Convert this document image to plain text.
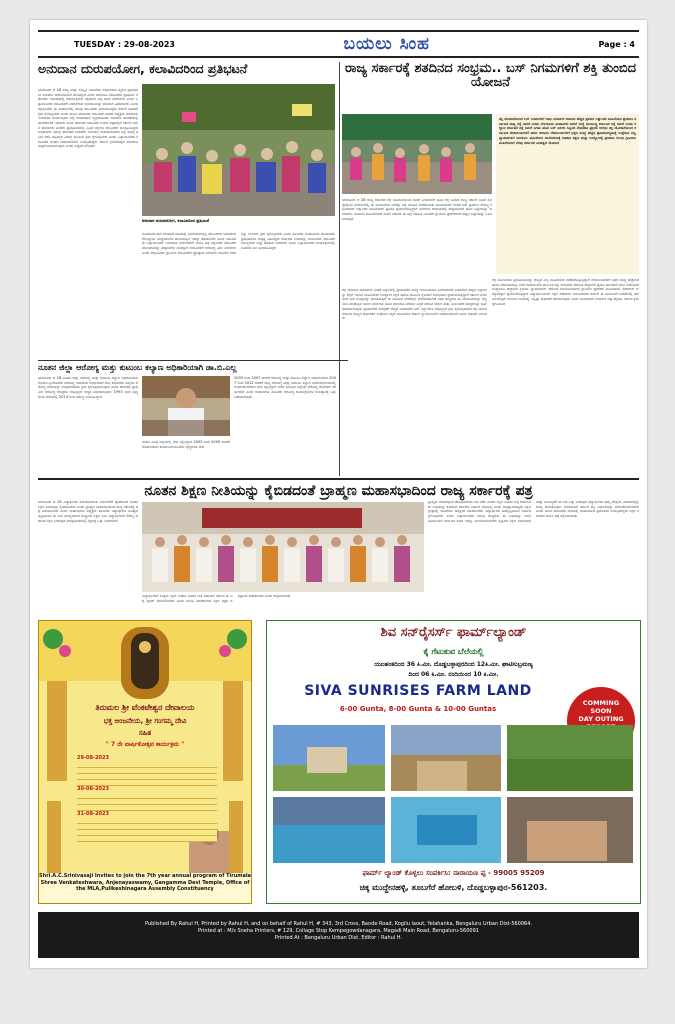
TUESDAY : 29-08-2023	ಬಯಲು ಸಿಂಹ	Page : 4
ಅನುದಾನ ದುರುಪಯೋಗ, ಕಲಾವಿದರಿಂದ ಪ್ರತಿಭಟನೆ
ಬೆಂಗಳೂರು ಆ 28 ರಾಜ್ಯ ಮತ್ತು ಸಂಸ್ಕೃತಿ ಇಲಾಖೆಯ ಅಧಿಕಾರಿಗಳು ಸ್ಮಶಾನ ಪ್ರತಿನಿಧಿಗಳು ಅನುದಾನ ದುರುಪಯೋಗ ಮಾಡಿದ್ದಾರೆ ಎಂದು ಆರೋಪಿಸಿ ಕಲಾವಿದರು ಪ್ರತಿಭಟನೆ ನಡೆಸಿದರು ಇಲಾಖೆಯಲ್ಲಿ ನಡೆಯುತ್ತಿರುವ ಅಕ್ರಮಗಳ ಬಗ್ಗೆ ತನಿಖೆ ನಡೆಸಬೇಕು ಎಂದು ಒತ್ತಾಯಿಸಿದರು ಕಲಾವಿದರಿಗೆ ನೀಡಬೇಕಾದ ಅನುದಾನವನ್ನು ಸರಿಯಾಗಿ ವಿತರಿಸಬೇಕು ಎಂದು ಆಗ್ರಹಿಸಿದರು ಈ ಸಂದರ್ಭದಲ್ಲಿ ಹಲವು ಕಲಾವಿದರು ಭಾಗವಹಿಸಿದ್ದರು ಸರ್ಕಾರ ಕೂಡಲೇ ಕ್ರಮ ಕೈಗೊಳ್ಳಬೇಕು ಎಂದು ಮನವಿ ಮಾಡಿದರು ಕಲಾವಿದರ ಸಂಘದ ಅಧ್ಯಕ್ಷರು ಮಾತನಾಡಿ ಇಲಾಖೆಯ ಕಾರ್ಯವೈಖರಿ ಬಗ್ಗೆ ಅಸಮಾಧಾನ ವ್ಯಕ್ತಪಡಿಸಿದರು ಅನುದಾನ ಹಂಚಿಕೆಯಲ್ಲಿ ಪಾರದರ್ಶಕತೆ ಇರಬೇಕು ಎಂದು ಹೇಳಿದರು ಕಲಾವಿದರ ಬದುಕು ಕಷ್ಟದಲ್ಲಿದೆ ಸರ್ಕಾರ ಗಮನ ಹರಿಸಬೇಕು ಎಂದರು ಪ್ರತಿಭಟನೆಯಲ್ಲಿ ವಿವಿಧ ಜಿಲ್ಲೆಗಳ ಕಲಾವಿದರು ಪಾಲ್ಗೊಂಡಿದ್ದರು ಅಧಿಕಾರಿಗಳ ವಿರುದ್ಧ ಘೋಷಣೆ ಕೂಗಿದರು ಅನುದಾನ ದುರುಪಯೋಗದ ಬಗ್ಗೆ ಸಮಗ್ರ ತನಿಖೆ ನಡೆಸಿ ತಪ್ಪಿತಸ್ಥರ ವಿರುದ್ಧ ಕಾನೂನು ಕ್ರಮ ಕೈಗೊಳ್ಳಬೇಕು ಎಂದು ಒತ್ತಾಯಿಸಿದರು ಕಲಾವಿದರ ಸಂಘದ ಪದಾಧಿಕಾರಿಗಳು ಉಪಸ್ಥಿತರಿದ್ದರು ಸರ್ಕಾರ ಸ್ಪಂದಿಸದಿದ್ದರೆ ಹೋರಾಟ ತೀವ್ರಗೊಳಿಸಲಾಗುವುದು ಎಂದು ಎಚ್ಚರಿಕೆ ನೀಡಿದರು
ಅನುದಾನ ದುರುಪಯೋಗ, ಕಲಾವಿದರಿಂದ ಪ್ರತಿಭಟನೆ
ಅನುದಾನದ ಹಣ ಸರಿಯಾದ ರೀತಿಯಲ್ಲಿ ಬಳಕೆಯಾಗುತ್ತಿಲ್ಲ ಕಲಾವಿದರಿಗೆ ಸಿಗಬೇಕಾದ ಸೌಲಭ್ಯಗಳು ಮಧ್ಯವರ್ತಿಗಳ ಪಾಲಾಗುತ್ತಿವೆ ಇದನ್ನು ತಡೆಯಬೇಕು ಎಂದು ಕಲಾವಿದರು ಒತ್ತಾಯಿಸಿದರು ಇಲಾಖೆಯ ನಿರ್ದೇಶಕರಿಗೆ ಮನವಿ ಪತ್ರ ಸಲ್ಲಿಸಿದರು ಕಲಾವಿದರ ಮಾಸಾಶನವನ್ನು ಹೆಚ್ಚಿಸಬೇಕು ವಯಸ್ಸಾದ ಕಲಾವಿದರಿಗೆ ಆರೋಗ್ಯ ವಿಮೆ ನೀಡಬೇಕು ಎಂದು ಆಗ್ರಹಿಸಿದರು ಗ್ರಾಮೀಣ ಕಲಾವಿದರಿಗೆ ಪ್ರೋತ್ಸಾಹ ನೀಡಬೇಕು ಜಾನಪದ ಕಲೆಗಳನ್ನು ಉಳಿಸಲು ಕ್ರಮ ಕೈಗೊಳ್ಳಬೇಕು ಎಂದು ತಿಳಿಸಿದರು ಸಂಘಟನೆಯ ಮುಖಂಡರು ಪ್ರತಿಭಟನೆಯ ನೇತೃತ್ವ ವಹಿಸಿದ್ದರು ಸರ್ಕಾರದ ನೀತಿಗಳನ್ನು ಖಂಡಿಸಿದರು ಕಲಾವಿದರ ಸಮಸ್ಯೆಗಳಿಗೆ ಶೀಘ್ರ ಪರಿಹಾರ ನೀಡಬೇಕು ಎಂದು ಒತ್ತಾಯಿಸಿದರು ಕಾರ್ಯಕ್ರಮದಲ್ಲಿ ನೂರಾರು ಜನ ಭಾಗವಹಿಸಿದ್ದರು
ರಾಜ್ಯ ಸರ್ಕಾರಕ್ಕೆ ಶತದಿನದ ಸಂಭ್ರಮ.. ಬಸ್ ನಿಗಮಗಳಿಗೆ ಶಕ್ತಿ ತುಂಬಿದ ಯೋಜನೆ
ಬೆಂಗಳೂರು ಆ 28 ರಾಜ್ಯ ಸರ್ಕಾರದ ಶಕ್ತಿ ಯೋಜನೆಯಿಂದ ಸಾರಿಗೆ ನಿಗಮಗಳಿಗೆ ಹೊಸ ಶಕ್ತಿ ಬಂದಿದೆ ರಾಜ್ಯ ಸರ್ಕಾರ ನೂರು ದಿನ ಪೂರೈಸಿದ ಸಂದರ್ಭದಲ್ಲಿ ಈ ಯೋಜನೆಯ ಯಶಸ್ಸು ಬಗ್ಗೆ ಮಾಹಿತಿ ನೀಡಲಾಯಿತು ಮಹಿಳೆಯರಿಗೆ ಉಚಿತ ಬಸ್ ಪ್ರಯಾಣ ಸೌಲಭ್ಯ ಕಲ್ಪಿಸಲಾಗಿದೆ ಲಕ್ಷಾಂತರ ಮಹಿಳೆಯರು ಪ್ರತಿದಿನ ಪ್ರಯಾಣಿಸುತ್ತಿದ್ದಾರೆ ನಿಗಮಗಳ ಆದಾಯದಲ್ಲಿ ಹೆಚ್ಚಳವಾಗಿದೆ ಹೊಸ ಬಸ್ಸುಗಳನ್ನು ಖರೀದಿಸಲು ಯೋಜನೆ ರೂಪಿಸಲಾಗಿದೆ ಸಾರಿಗೆ ಸಚಿವರು ಈ ಬಗ್ಗೆ ಮಾಹಿತಿ ನೀಡಿದರು ಗ್ರಾಮೀಣ ಪ್ರದೇಶಗಳಿಗೆ ಹೆಚ್ಚಿನ ಬಸ್ಸುಗಳನ್ನು ಓಡಿಸಲಾಗುತ್ತಿದೆ
ಶಕ್ತಿ ಯೋಜನೆಯಿಂದ ಬಸ್ ನಿಗಮಗಳಿಗೆ ಲಾಭ ನಿಗಮಗಳ ಆದಾಯ ಹೆಚ್ಚಳ ಪ್ರತಿದಿನ ಲಕ್ಷಾಂತರ ಮಹಿಳೆಯರ ಪ್ರಯಾಣ ಕರ್ನಾಟಕ ರಾಜ್ಯ ರಸ್ತೆ ಸಾರಿಗೆ ನಿಗಮ ಬೆಂಗಳೂರು ಮಹಾನಗರ ಸಾರಿಗೆ ಸಂಸ್ಥೆ ವಾಯುವ್ಯ ಕರ್ನಾಟಕ ರಸ್ತೆ ಸಾರಿಗೆ ನಿಗಮ ಕಲ್ಯಾಣ ಕರ್ನಾಟಕ ರಸ್ತೆ ಸಾರಿಗೆ ನಿಗಮ ಹೊಸ ಬಸ್ ಖರೀದಿ ಸಿಬ್ಬಂದಿ ನೇಮಕಾತಿ ಪ್ರಕ್ರಿಯೆ ಆರಂಭ ಶಕ್ತಿ ಯೋಜನೆಯಿಂದ ಕರ್ನಾಟಕ ದೇವಾಲಯಗಳಿಗೆ ಹರಿದ ಆದಾಯ ದೇವಾಲಯಗಳಿಗೆ ಭಕ್ತರ ಸಂಖ್ಯೆ ಹೆಚ್ಚಳ ಪ್ರವಾಸೋದ್ಯಮಕ್ಕೆ ಉತ್ತೇಜನ ಸಣ್ಣ ವ್ಯಾಪಾರಿಗಳಿಗೆ ಅನುಕೂಲ ಮಹಿಳೆಯರ ಸಬಲೀಕರಣಕ್ಕೆ ಸಹಕಾರಿ ಶಿಕ್ಷಣ ಮತ್ತು ಉದ್ಯೋಗಕ್ಕೆ ಪ್ರಯಾಣ ಸುಲಭ ಗ್ರಾಮೀಣ ಮಹಿಳೆಯರಿಗೆ ನೆರವು ಸರ್ಕಾರದ ಮಹತ್ವದ ಯೋಜನೆ
ಶಕ್ತಿ ಯೋಜನೆ ಜಾರಿಯಾದ ನಂತರ ಬಸ್ಸುಗಳಲ್ಲಿ ಪ್ರಯಾಣಿಕರ ಸಂಖ್ಯೆ ಗಣನೀಯವಾಗಿ ಏರಿಕೆಯಾಗಿದೆ ನಿಗಮಗಳು ಹೆಚ್ಚಿನ ಬಸ್ಸುಗಳನ್ನು ರಸ್ತೆಗೆ ಇಳಿಸಿವೆ ಮಹಿಳೆಯರು ಉದ್ಯೋಗ ಶಿಕ್ಷಣ ಹಾಗೂ ಧಾರ್ಮಿಕ ಸ್ಥಳಗಳಿಗೆ ಸುಲಭವಾಗಿ ಪ್ರಯಾಣಿಸುತ್ತಿದ್ದಾರೆ ಸರ್ಕಾರ ನಿಗಮಗಳಿಗೆ ಬಾಕಿ ಮೊತ್ತವನ್ನು ಪಾವತಿಸುತ್ತಿದೆ ಈ ಯೋಜನೆ ದೇಶದಲ್ಲೇ ಮಾದರಿಯಾಗಿದೆ ಇತರ ರಾಜ್ಯಗಳು ಈ ಯೋಜನೆಯನ್ನು ಅಧ್ಯಯನ ಮಾಡುತ್ತಿವೆ ಸಾರಿಗೆ ನಿಗಮಗಳು ಹೊಸ ನೇಮಕಾತಿ ನಡೆಸಲು ಸಿದ್ಧತೆ ನಡೆಸಿವೆ ಚಾಲಕ ಮತ್ತು ನಿರ್ವಾಹಕರ ಹುದ್ದೆಗಳನ್ನು ಭರ್ತಿ ಮಾಡಲಾಗುವುದು ಪ್ರಯಾಣಿಕರ ಸುರಕ್ಷತೆಗೆ ಆದ್ಯತೆ ನೀಡಲಾಗಿದೆ ಬಸ್ ನಿಲ್ದಾಣಗಳ ಅಭಿವೃದ್ಧಿಗೆ ಕ್ರಮ ಕೈಗೊಳ್ಳಲಾಗಿದೆ ಶಕ್ತಿ ಯೋಜನೆಯಿಂದ ರಾಜ್ಯದ ಆರ್ಥಿಕತೆಗೆ ಉತ್ತೇಜನ ಸಿಕ್ಕಿದೆ ಮಹಿಳೆಯರ ಆರ್ಥಿಕ ಸ್ವಾವಲಂಬನೆಗೆ ಸಹಕಾರಿಯಾಗಿದೆ ಎಂದು ಸಚಿವರು ತಿಳಿಸಿದರು
ಶಕ್ತಿ ಯೋಜನೆಯ ಪ್ರಯೋಜನವನ್ನು ರಾಜ್ಯದ ಎಲ್ಲ ಮಹಿಳೆಯರು ಪಡೆದುಕೊಳ್ಳುತ್ತಿದ್ದಾರೆ ದೇವಾಲಯಗಳಿಗೆ ಭಕ್ತರ ಸಂಖ್ಯೆ ಹೆಚ್ಚಾಗಿದೆ ಹುಂಡಿ ಆದಾಯದಲ್ಲೂ ಏರಿಕೆ ಕಂಡುಬಂದಿದೆ ಧಾರ್ಮಿಕ ದತ್ತಿ ಇಲಾಖೆಯ ಆದಾಯ ಹೆಚ್ಚಾಗಿದೆ ಪ್ರವಾಸಿ ತಾಣಗಳಿಗೆ ಭೇಟಿ ನೀಡುವವರ ಸಂಖ್ಯೆಯೂ ಹೆಚ್ಚಾಗಿದೆ ಸ್ಥಳೀಯ ವ್ಯಾಪಾರಿಗಳಿಗೆ ಇದರಿಂದ ಅನುಕೂಲವಾಗಿದೆ ಗ್ರಾಮೀಣ ಪ್ರದೇಶದ ಮಹಿಳೆಯರು ನಗರಗಳಿಗೆ ಉದ್ಯೋಗಕ್ಕಾಗಿ ಪ್ರಯಾಣಿಸುತ್ತಿದ್ದಾರೆ ವಿದ್ಯಾರ್ಥಿನಿಯರಿಗೆ ಶಿಕ್ಷಣ ಪಡೆಯಲು ಸುಲಭವಾಗಿದೆ ಸರ್ಕಾರ ಈ ಯೋಜನೆಗೆ ಬಜೆಟ್‌ನಲ್ಲಿ ಹಣ ಮೀಸಲಿಟ್ಟಿದೆ ಮುಂದಿನ ದಿನಗಳಲ್ಲಿ ಇನ್ನಷ್ಟು ಸುಧಾರಣೆ ತರಲಾಗುವುದು ಎಂದು ತಿಳಿಸಲಾಗಿದೆ ನಿಗಮಗಳ ನಷ್ಟ ತಗ್ಗಿಸಲು ಸರ್ಕಾರ ಕ್ರಮ ಕೈಗೊಂಡಿದೆ
ನೂತನ ಜಿಲ್ಲಾ ಆರೋಗ್ಯ ಮತ್ತು ಕುಟುಂಬ ಕಲ್ಯಾಣ ಅಧಿಕಾರಿಯಾಗಿ ಡಾ.ಬಿ.ಎಲ್ಲ
ಬೆಂಗಳೂರು ಆ 28 ನೂತನ ಜಿಲ್ಲಾ ಆರೋಗ್ಯ ಮತ್ತು ಕುಟುಂಬ ಕಲ್ಯಾಣ ಅಧಿಕಾರಿಯಾಗಿ ಅಧಿಕಾರ ಸ್ವೀಕರಿಸಿದರು ಆರೋಗ್ಯ ಇಲಾಖೆಯ ಅಧಿಕಾರಿಗಳು ಶುಭ ಕೋರಿದರು ಜಿಲ್ಲೆಯ ಆರೋಗ್ಯ ಸೇವೆಗಳನ್ನು ಉತ್ತಮಪಡಿಸಲು ಕ್ರಮ ಕೈಗೊಳ್ಳಲಾಗುವುದು ಎಂದು ಹೇಳಿದರು ಪ್ರಾಥಮಿಕ ಆರೋಗ್ಯ ಕೇಂದ್ರಗಳ ಅಭಿವೃದ್ಧಿಗೆ ಆದ್ಯತೆ ನೀಡಲಾಗುವುದು 1993 ರಿಂದ ವೈದ್ಯಕೀಯ ಸೇವೆಯಲ್ಲಿ 2013 ರಿಂದ ಕರ್ತವ್ಯ ನಿರ್ವಹಿಸಿದ್ದಾರೆ
ಅವರು ವಿವಿಧ ಜಿಲ್ಲೆಗಳಲ್ಲಿ ಸೇವೆ ಸಲ್ಲಿಸಿದ್ದಾರೆ 2005 ರಿಂದ 2009 ರವರೆಗೆ ಅಧಿಕಾರಿಯಾಗಿ ಕಾರ್ಯನಿರ್ವಹಿಸಿದರು ವೈದ್ಯಕೀಯ ಸೇವೆ
2005 ರಿಂದ 2007 ರವರೆಗೆ ಆರೋಗ್ಯ ಮತ್ತು ಕುಟುಂಬ ಕಲ್ಯಾಣ ಅಧಿಕಾರಿಯಾಗಿ 2007 ರಿಂದ 2012 ರವರೆಗೆ ರಾಜ್ಯ ಆರೋಗ್ಯ ಮತ್ತು ಕುಟುಂಬ ಕಲ್ಯಾಣ ನಿರ್ದೇಶನಾಲಯದಲ್ಲಿ ಉಪನಿರ್ದೇಶಕರಾಗಿ ಸೇವೆ ಸಲ್ಲಿಸಿದ್ದಾರೆ ಅವರ ಅನುಭವ ಜಿಲ್ಲೆಯ ಆರೋಗ್ಯ ಸೇವೆಗಳಿಗೆ ನೆರವಾಗಲಿದೆ ಎಂದು ಅಧಿಕಾರಿಗಳು ತಿಳಿಸಿದರು ಆರೋಗ್ಯ ಕಾರ್ಯಕ್ರಮಗಳ ಅನುಷ್ಠಾನಕ್ಕೆ ಒತ್ತು ನೀಡಲಾಗುವುದು
ನೂತನ ಶಿಕ್ಷಣ ನೀತಿಯನ್ನು ಕೈಬಿಡದಂತೆ ಬ್ರಾಹ್ಮಣ ಮಹಾಸಭಾದಿಂದ ರಾಜ್ಯ ಸರ್ಕಾರಕ್ಕೆ ಪತ್ರ
ಬೆಂಗಳೂರು ಆ 28 ವಿದ್ಯಾರ್ಥಿಗಳ ಸರ್ವತೋಮುಖ ಬೆಳವಣಿಗೆಗೆ ಪೂರಕವಾದ ನೂತನ ಶಿಕ್ಷಣ ನೀತಿಯನ್ನು ಕೈಬಿಡಬಾರದು ಎಂದು ಬ್ರಾಹ್ಮಣ ಮಹಾಸಭಾದಿಂದ ರಾಜ್ಯ ಸರ್ಕಾರಕ್ಕೆ ಪತ್ರ ಬರೆಯಲಾಗಿದೆ ಎಂದು ಮಹಾಸಭಾದ ಅಧ್ಯಕ್ಷರು ತಿಳಿಸಿದರು ವಿದ್ಯಾರ್ಥಿಗಳ ಭವಿಷ್ಯದ ದೃಷ್ಟಿಯಿಂದ ಈ ನೀತಿ ಮುಖ್ಯವಾಗಿದೆ ರಾಷ್ಟ್ರೀಯ ಶಿಕ್ಷಣ ನೀತಿ ವಿದ್ಯಾರ್ಥಿಗಳಿಗೆ ಕೌಶಲ್ಯ ಆಧಾರಿತ ಶಿಕ್ಷಣ ನೀಡುತ್ತದೆ ಮಾತೃಭಾಷೆಯಲ್ಲಿ ಶಿಕ್ಷಣಕ್ಕೆ ಒತ್ತು ನೀಡಲಾಗಿದೆ
ವಿದ್ಯಾರ್ಥಿಗಳಿಗೆ ಉತ್ತಮ ಶಿಕ್ಷಣ ನೀಡಲು ನೂತನ ನೀತಿ ಸಹಾಯಕ ಸರ್ಕಾರ ಈ ಬಗ್ಗೆ ಪುನರ್ ಪರಿಶೀಲಿಸಬೇಕು ಎಂದು ಮನವಿ ಮಾಡಲಾಗಿದೆ ಶಿಕ್ಷಣ ತಜ್ಞರ ಅಭಿಪ್ರಾಯ ಪಡೆಯಬೇಕು ಎಂದು ಆಗ್ರಹಿಸಲಾಗಿದೆ
ಬ್ರಾಹ್ಮಣ ಮಹಾಸಭಾದ ಪದಾಧಿಕಾರಿಗಳು ಸಭೆ ನಡೆಸಿ ನೂತನ ಶಿಕ್ಷಣ ನೀತಿಯ ಬಗ್ಗೆ ಚರ್ಚಿಸಿದರು ನೀತಿಯನ್ನು ಕೈಬಿಡುವ ಸರ್ಕಾರದ ನಿರ್ಧಾರ ಸರಿಯಲ್ಲ ಎಂದು ಅಭಿಪ್ರಾಯಪಟ್ಟರು ಶಿಕ್ಷಣ ಕ್ಷೇತ್ರದಲ್ಲಿ ರಾಜಕೀಯ ಹಸ್ತಕ್ಷೇಪ ಮಾಡಬಾರದು ವಿದ್ಯಾರ್ಥಿಗಳ ಹಿತದೃಷ್ಟಿಯಿಂದ ನಿರ್ಧಾರ ಕೈಗೊಳ್ಳಬೇಕು ಎಂದು ಒತ್ತಾಯಿಸಿದರು ಹಲವು ರಾಜ್ಯಗಳು ಈ ನೀತಿಯನ್ನು ಅಳವಡಿಸಿಕೊಂಡಿವೆ ಕರ್ನಾಟಕ ಕೂಡ ಇದನ್ನು ಮುಂದುವರಿಸಬೇಕು ವೃತ್ತಿಪರ ಶಿಕ್ಷಣ ಸಂಶೋಧನೆ ಮತ್ತು ನಾವೀನ್ಯತೆಗೆ ಈ ನೀತಿ ಒತ್ತು ನೀಡುತ್ತದೆ ವಿದ್ಯಾರ್ಥಿಗಳು ತಮ್ಮ ಆಸಕ್ತಿಯ ವಿಷಯಗಳನ್ನು ಆಯ್ಕೆ ಮಾಡಿಕೊಳ್ಳಲು ಅವಕಾಶವಿದೆ ಸರ್ಕಾರ ತನ್ನ ನಿರ್ಧಾರವನ್ನು ಮರುಪರಿಶೀಲಿಸಬೇಕು ಎಂದು ಮನವಿ ಮಾಡಿದರು ಸಭೆಯಲ್ಲಿ ಮಹಾಸಭಾದ ಪ್ರಮುಖರು ಉಪಸ್ಥಿತರಿದ್ದರು ಶಿಕ್ಷಣ ಸಚಿವರಿಗೆ ಮನವಿ ಪತ್ರ ಸಲ್ಲಿಸಲಾಯಿತು
ತಿರುಮಲ ಶ್ರೀ ವೆಂಕಟೇಶ್ವರ ದೇವಾಲಯ
ಭಕ್ತ ಆಂಜನೇಯ, ಶ್ರೀ ಗಂಗಮ್ಮ ದೇವಿ
ಸಹಿತ
" 7 ನೇ ವಾರ್ಷಿಕೋತ್ಸವ ಕಾರ್ಯಕ್ರಮ "
29-08-2023
30-08-2023
31-08-2023
Shri.A.C.Srinivasaji Invites to join the 7th year annual program of Tirumala Shree Venkateshwara, Anjenayaswamy, Gangamma Devi Temple, Office of the MLA,Pulikeshinagara Assembly Constituency
ಶಿವ ಸನ್‌ರೈಸರ್ಸ್ ಫಾರ್ಮ್‌ಲ್ಯಾಂಡ್
ಕೈ ಗೆಟುಕುವ ಬೆಲೆಯಲ್ಲಿ
ಯಲಹಂಕದಿಂದ 36 ಕಿ.ಮೀ. ದೊಡ್ಡಬಳ್ಳಾಪುರದಿಂದ 12ಕಿ.ಮೀ. ಘಾಟಿಸುಬ್ರಮಣ್ಯ
ದಿಂದ 06 ಕಿ.ಮೀ. ನಂದಿಯಿಂದ 10 ಕಿ.ಮೀ.
SIVA SUNRISES FARM LAND
6-00 Gunta, 8-00 Gunta & 10-00 Guntas
COMMING
SOON
DAY OUTING
ಫಾರ್ಮ್ ಲ್ಯಾಂಡ್ ಕೊಳ್ಳಲು ಸಂಪರ್ಕಿಸಿ: ನಾರಾಯಣ ಪ್ಪ - 99005 95209
ಚಿಕ್ಕ ಮುದ್ದೇನಹಳ್ಳಿ, ತೂಬಗೆರೆ ಹೋಬಳಿ, ದೊಡ್ಡಬಳ್ಳಾಪುರ-561203.
Published By Rahul H, Printed by Rahul H, and on behalf of Rahul H, # 343, 3rd Cross, Bande Road, Kogilu laout, Yelahanka, Bengaluru Urban Dist-560064.
Printed at : M/s Sneha Printers, # 129, Collage Stop Kempegowdanagara, Magadi Main Road, Bengaluru-560091
Printed At : Bengaluru Urban Dist. Editor : Rahul H.
